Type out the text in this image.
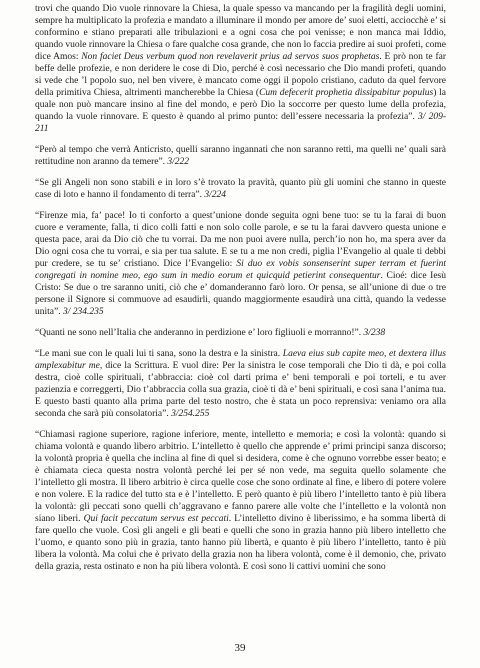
trovi che quando Dio vuole rinnovare la Chiesa, la quale spesso va mancando per la fragilità degli uomini, sempre ha multiplicato la profezia e mandato a illuminare il mondo per amore de’ suoi eletti, acciocchè e’ si conformino e stiano preparati alle tribulazioni e a ogni cosa che poi venisse; e non manca mai Iddio, quando vuole rinnovare la Chiesa o fare qualche cosa grande, che non lo faccia predire ai suoi profeti, come dice Amos: Non faciet Deus verbum quod non revelaverit prius ad servos suos prophetas. E prò non te far beffe delle profezie, e non deridere le cose di Dio, perché è così necessario che Dio mandi profeti, quando si vede che ’l popolo suo, nel ben vivere, è mancato come oggi il popolo cristiano, caduto da quel fervore della primitiva Chiesa, altrimenti mancherebbe la Chiesa (Cum defecerit prophetia dissipabitur populus) la quale non può mancare insino al fine del mondo, e però Dio la soccorre per questo lume della profezia, quando la vuole rinnovare. E questo è quando al primo punto: dell’essere necessaria la profezia”. 3/ 209-211

“Però al tempo che verrà Anticristo, quelli saranno ingannati che non saranno retti, ma quelli ne’ quali sarà rettitudine non aranno da temere”. 3/222

“Se gli Angeli non sono stabili e in loro s’è trovato la pravità, quanto più gli uomini che stanno in queste case di loto e hanno il fondamento di terra”. 3/224

“Firenze mia, fa’ pace! Io ti conforto a quest’unione donde seguita ogni bene tuo: se tu la farai di buon cuore e veramente, falla, ti dico colli fatti e non solo colle parole, e se tu la farai davvero questa unione e questa pace, arai da Dio ciò che tu vorrai. Da me non puoi avere nulla, perch’io non ho, ma spera aver da Dio ogni cosa che tu vorrai, e sia per tua salute. E se tu a me non credi, piglia l’Evangelio al quale ti debbi pur credere, se tu se’ cristiano. Dice l’Evangelio: Si duo ex vobis sonsenserint super terram et fuerint congregati in nomine meo, ego sum in medio eorum et quicquid petierint consequentur. Cioé: dice Iesù Cristo: Se due o tre saranno uniti, ciò che e’ domanderanno farò loro. Or pensa, se all’unione di due o tre persone il Signore si commuove ad esaudirli, quando maggiormente esaudirà una città, quando la vedesse unita”. 3/ 234.235

“Quanti ne sono nell’Italia che anderanno in perdizione e’ loro figliuoli e morranno!”. 3/238

“Le mani sue con le quali lui ti sana, sono la destra e la sinistra. Laeva eius sub capite meo, et dextera illus amplexabitur me, dice la Scrittura. E vuol dire: Per la sinistra le cose temporali che Dio ti dà, e poi colla destra, cioè colle spirituali, t’abbraccia: cioè col darti prima e’ beni temporali e poi torteli, e tu aver pazienzia e correggerti, Dio t’abbraccia colla sua grazia, cioè ti dà e’ beni spirituali, e così sana l’anima tua. E questo basti quanto alla prima parte del testo nostro, che è stata un poco reprensiva: veniamo ora alla seconda che sarà più consolatoria”. 3/254.255

“Chiamasi ragione superiore, ragione inferiore, mente, intelletto e memoria; e così la volontà: quando si chiama volontà e quando libero arbitrio. L’intelletto è quello che apprende e’ primi principi sanza discorso; la volontà propria è quella che inclina al fine di quel si desidera, come è che ognuno vorrebbe esser beato; e è chiamata cieca questa nostra volontà perché lei per sé non vede, ma seguita quello solamente che l’intelletto gli mostra. Il libero arbitrio è circa quelle cose che sono ordinate al fine, e libero di potere volere e non volere. E la radice del tutto sta e è l’intelletto. E però quanto è più libero l’intelletto tanto è più libera la volontà: gli peccati sono quelli ch’aggravano e fanno parere alle volte che l’intelletto e la volontà non siano liberi. Qui facit peccatum servus est peccati. L’intelletto divino è liberissimo, e ha somma libertà di fare quello che vuole. Così gli angeli e gli beati e quelli che sono in grazia hanno più libero intelletto che l’uomo, e quanto sono più in grazia, tanto hanno più libertà, e quanto è più libero l’intelletto, tanto è più libera la volontà. Ma colui che è privato della grazia non ha libera volontà, come è il demonio, che, privato della grazia, resta ostinato e non ha più libera volontà. E così sono li cattivi uomini che sono

39
